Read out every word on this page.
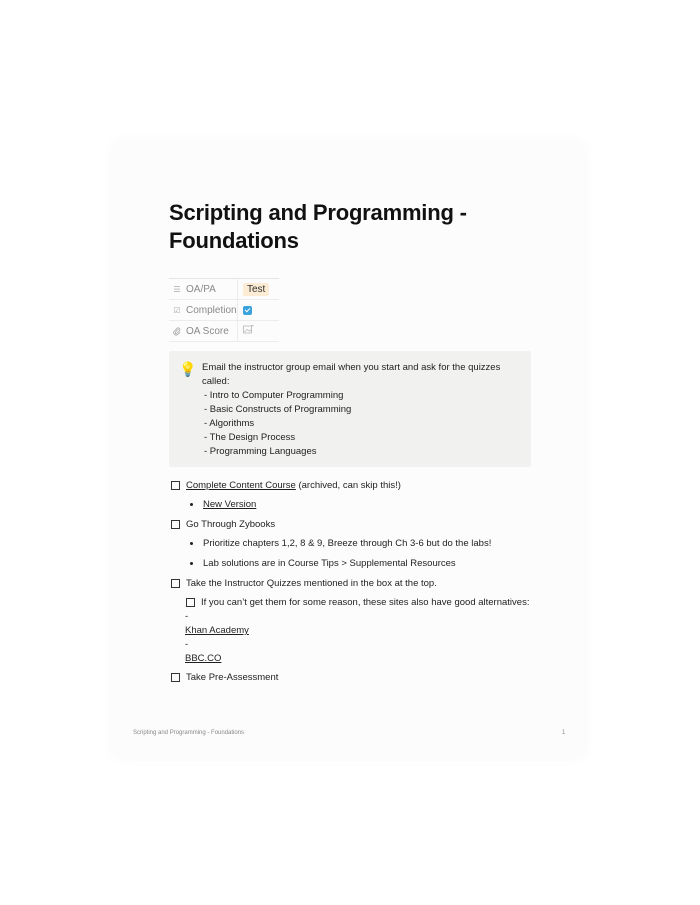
Scripting and Programming -
Foundations
☰ OA/PA	Test
☑ Completion
OA Score
💡 Email the instructor group email when you start and ask for the quizzes
called:
- Intro to Computer Programming
- Basic Constructs of Programming
- Algorithms
- The Design Process
- Programming Languages
Complete Content Course (archived, can skip this!)
New Version
Go Through Zybooks
Prioritize chapters 1,2, 8 & 9, Breeze through Ch 3-6 but do the labs!
Lab solutions are in Course Tips > Supplemental Resources
Take the Instructor Quizzes mentioned in the box at the top.
If you can’t get them for some reason, these sites also have good alternatives:
-
Khan Academy
-
BBC.CO
Take Pre-Assessment
Scripting and Programming - Foundations	1
